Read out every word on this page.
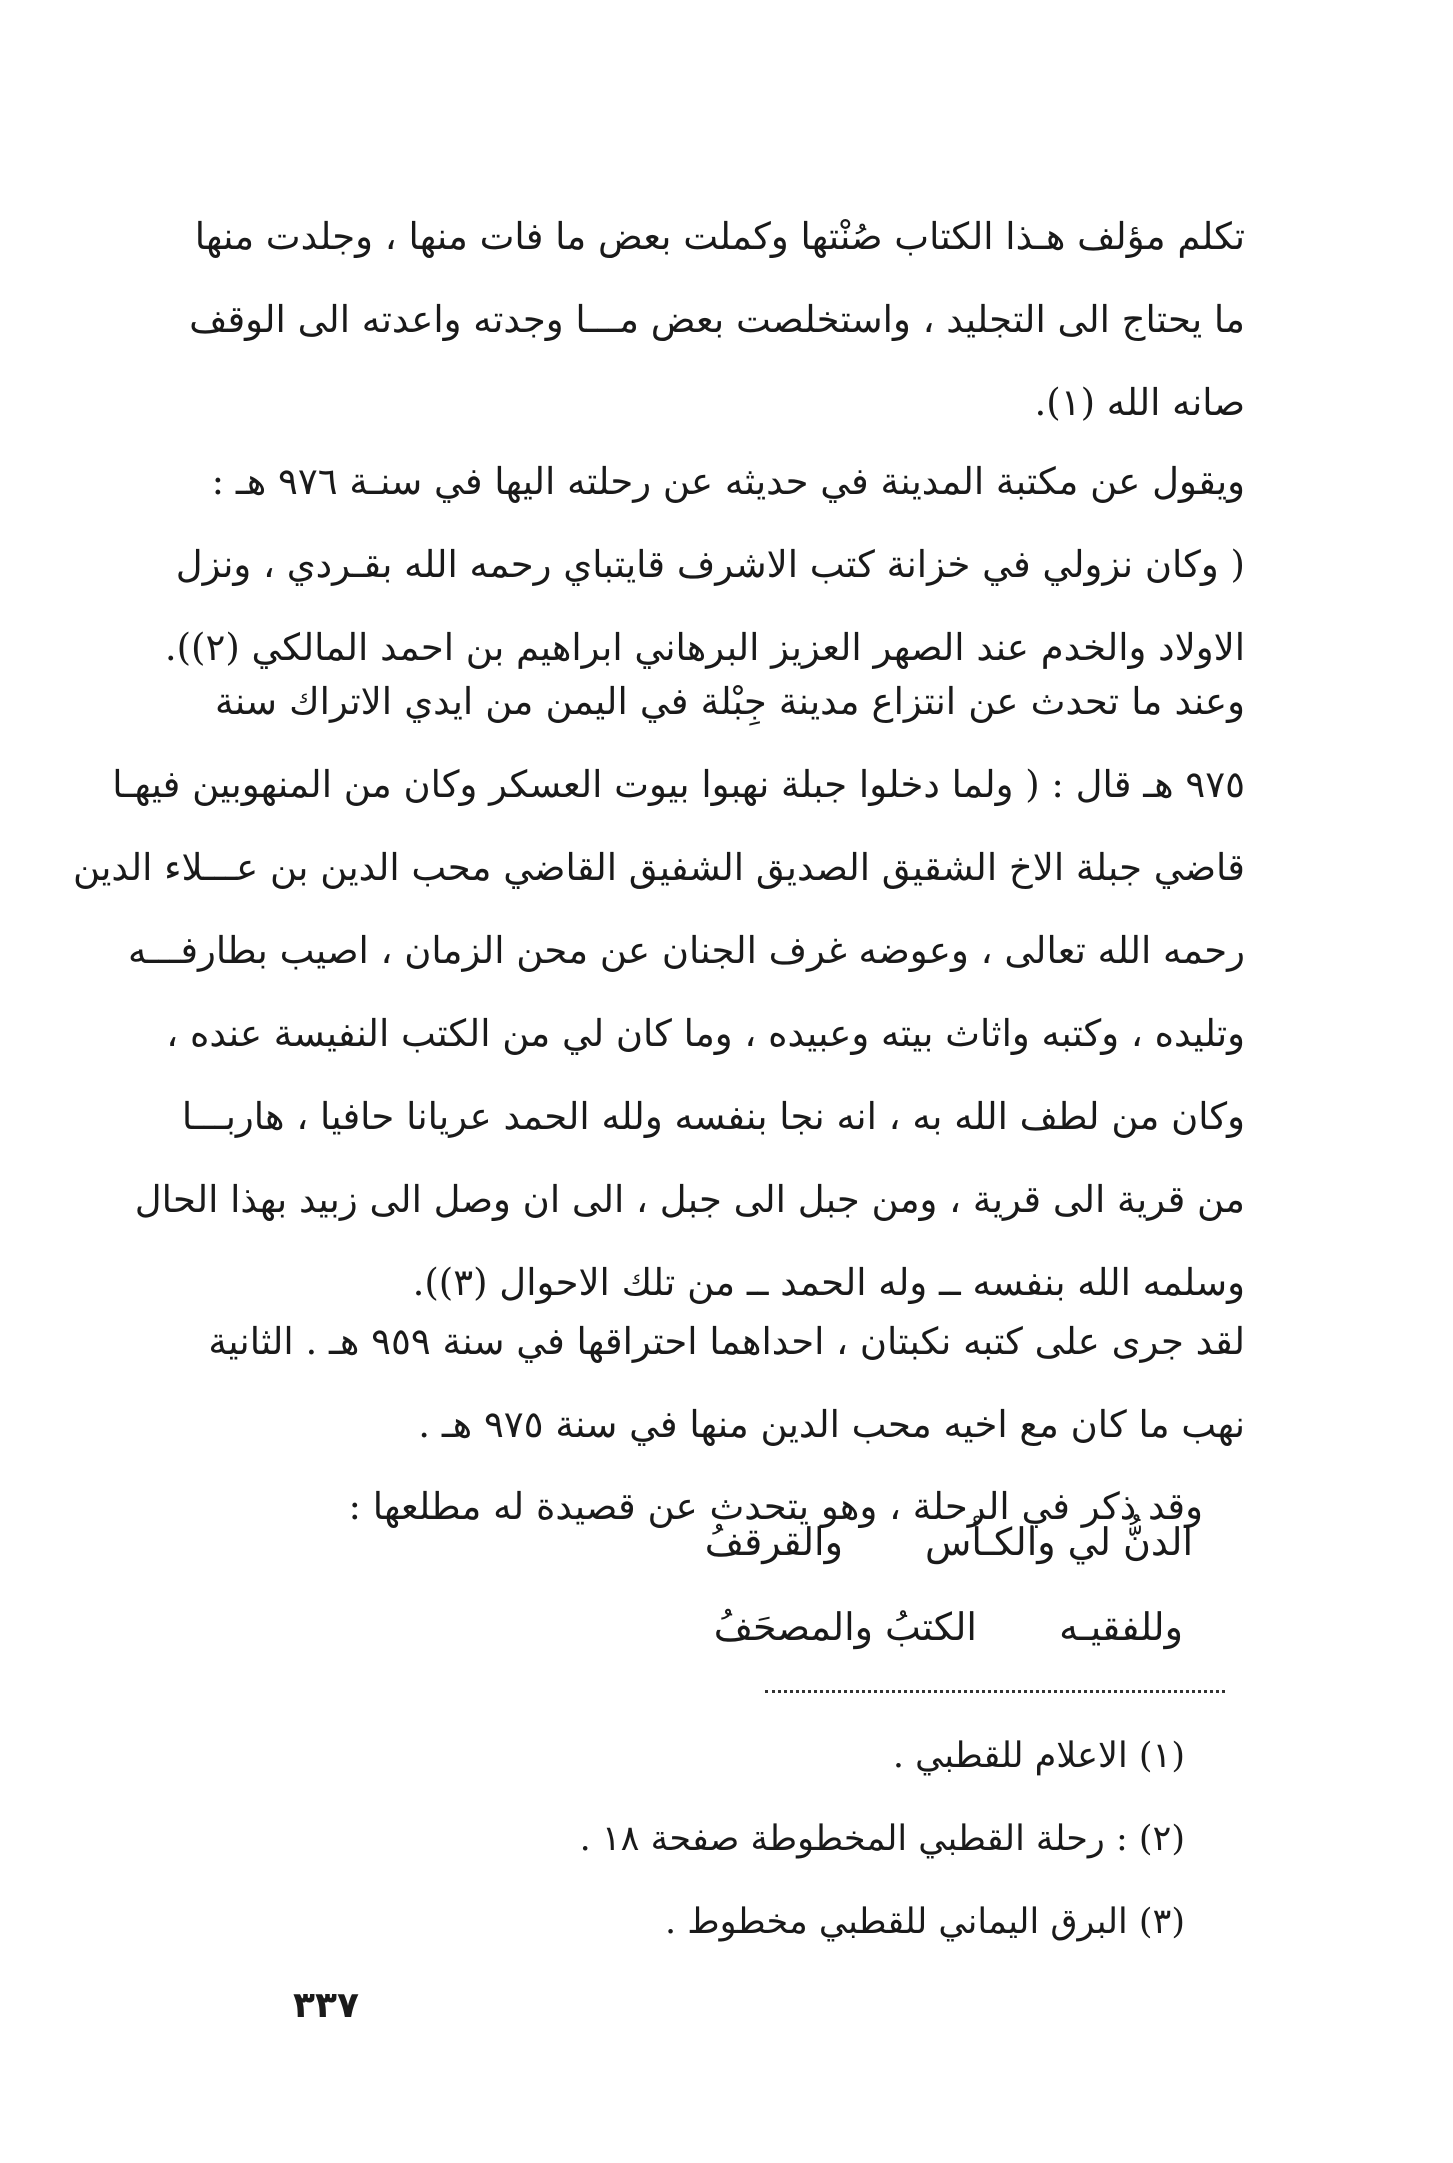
تكلم مؤلف هـذا الكتاب صُنْتها وكملت بعض ما فات منها ، وجلدت منها
ما يحتاج الى التجليد ، واستخلصت بعض مـــا وجدته واعدته الى الوقف
صانه الله (١).
ويقول عن مكتبة المدينة في حديثه عن رحلته اليها في سنـة ٩٧٦ هـ :
( وكان نزولي في خزانة كتب الاشرف قايتباي رحمه الله بقـردي ، ونزل
الاولاد والخدم عند الصهر العزيز البرهاني ابراهيم بن احمد المالكي (٢)).
وعند ما تحدث عن انتزاع مدينة جِبْلة في اليمن من ايدي الاتراك سنة
٩٧٥ هـ قال : ( ولما دخلوا جبلة نهبوا بيوت العسكر وكان من المنهوبين فيهـا
قاضي جبلة الاخ الشقيق الصديق الشفيق القاضي محب الدين بن عـــلاء الدين
رحمه الله تعالى ، وعوضه غرف الجنان عن محن الزمان ، اصيب بطارفـــه
وتليده ، وكتبه واثاث بيته وعبيده ، وما كان لي من الكتب النفيسة عنده ،
وكان من لطف الله به ، انه نجا بنفسه ولله الحمد عريانا حافيا ، هاربـــا
من قرية الى قرية ، ومن جبل الى جبل ، الى ان وصل الى زبيد بهذا الحال
وسلمه الله بنفسه ــ وله الحمد ــ من تلك الاحوال (٣)).
لقد جرى على كتبه نكبتان ، احداهما احتراقها في سنة ٩٥٩ هـ . الثانية
نهب ما كان مع اخيه محب الدين منها في سنة ٩٧٥ هـ .
وقد ذكر في الرحلة ، وهو يتحدث عن قصيدة له مطلعها :
الدنُّ لي والكـأس والقرقفُ
وللفقيـه الكتبُ والمصحَفُ
(١) الاعلام للقطبي .
(٢) : رحلة القطبي المخطوطة صفحة ١٨ .
(٣) البرق اليماني للقطبي مخطوط .
٣٣٧
